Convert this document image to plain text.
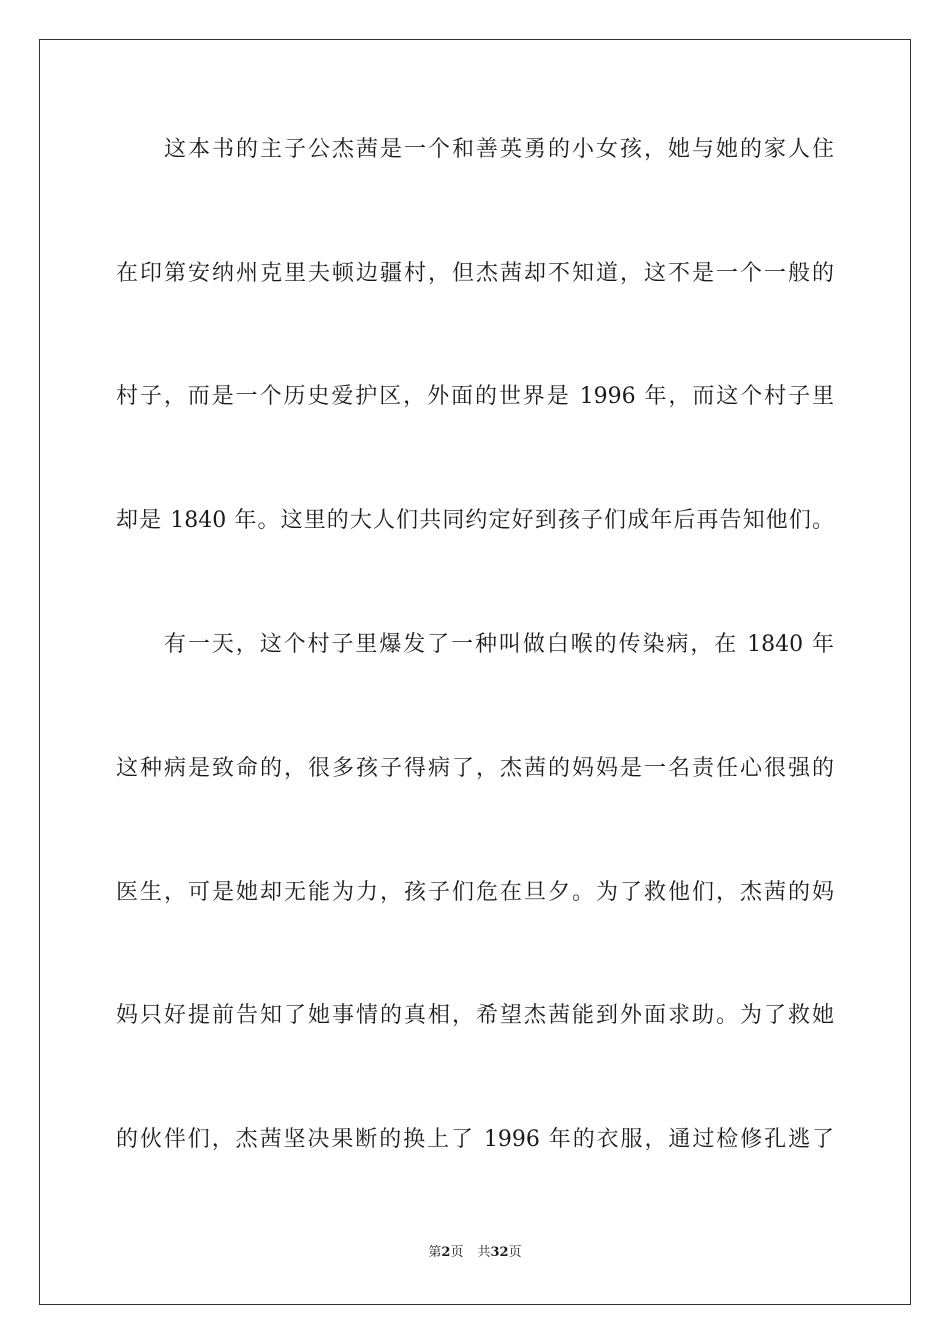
这本书的主子公杰茜是一个和善英勇的小女孩，她与她的家人住
在印第安纳州克里夫顿边疆村，但杰茜却不知道，这不是一个一般的
村子，而是一个历史爱护区，外面的世界是 1996 年，而这个村子里
却是 1840 年。这里的大人们共同约定好到孩子们成年后再告知他们。
有一天，这个村子里爆发了一种叫做白喉的传染病，在 1840 年
这种病是致命的，很多孩子得病了，杰茜的妈妈是一名责任心很强的
医生，可是她却无能为力，孩子们危在旦夕。为了救他们，杰茜的妈
妈只好提前告知了她事情的真相，希望杰茜能到外面求助。为了救她
的伙伴们，杰茜坚决果断的换上了 1996 年的衣服，通过检修孔逃了
第2页 共32页
